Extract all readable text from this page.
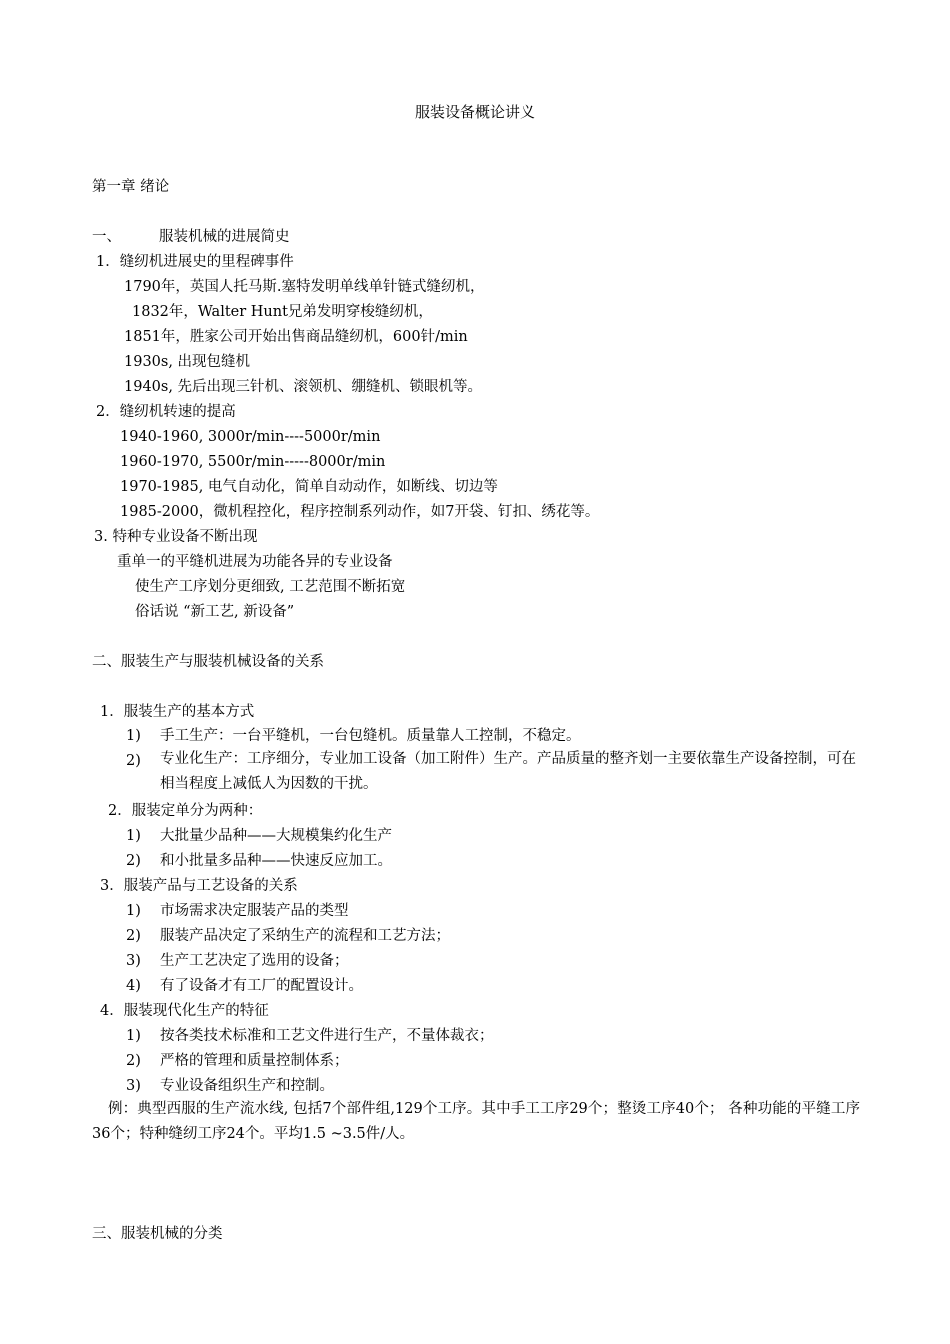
服装设备概论讲义
第一章 绪论
一、	服装机械的进展简史
1．缝纫机进展史的里程碑事件
1790年，英国人托马斯.塞特发明单线单针链式缝纫机，
1832年，Walter Hunt兄弟发明穿梭缝纫机，
1851年，胜家公司开始出售商品缝纫机，600针/min
1930s, 出现包缝机
1940s, 先后出现三针机、滚领机、绷缝机、锁眼机等。
2．缝纫机转速的提高
1940-1960, 3000r/min----5000r/min
1960-1970, 5500r/min-----8000r/min
1970-1985, 电气自动化，简单自动动作，如断线、切边等
1985-2000，微机程控化，程序控制系列动作，如7开袋、钉扣、绣花等。
3. 特种专业设备不断出现
重单一的平缝机进展为功能各异的专业设备
使生产工序划分更细致, 工艺范围不断拓宽
俗话说 “新工艺, 新设备”
二、服装生产与服装机械设备的关系
1．服装生产的基本方式
1) 手工生产：一台平缝机，一台包缝机。质量靠人工控制，不稳定。
2) 专业化生产：工序细分，专业加工设备（加工附件）生产。产品质量的整齐划一主要依靠生产设备控制，可在相当程度上减低人为因数的干扰。
2．服装定单分为两种：
1) 大批量少品种——大规模集约化生产
2) 和小批量多品种——快速反应加工。
3．服装产品与工艺设备的关系
1) 市场需求决定服装产品的类型
2) 服装产品决定了采纳生产的流程和工艺方法；
3) 生产工艺决定了选用的设备；
4) 有了设备才有工厂的配置设计。
4．服装现代化生产的特征
1) 按各类技术标准和工艺文件进行生产，不量体裁衣；
2) 严格的管理和质量控制体系；
3) 专业设备组织生产和控制。
例：典型西服的生产流水线, 包括7个部件组,129个工序。其中手工工序29个；整烫工序40个； 各种功能的平缝工序36个；特种缝纫工序24个。平均1.5 ~3.5件/人。
三、服装机械的分类
